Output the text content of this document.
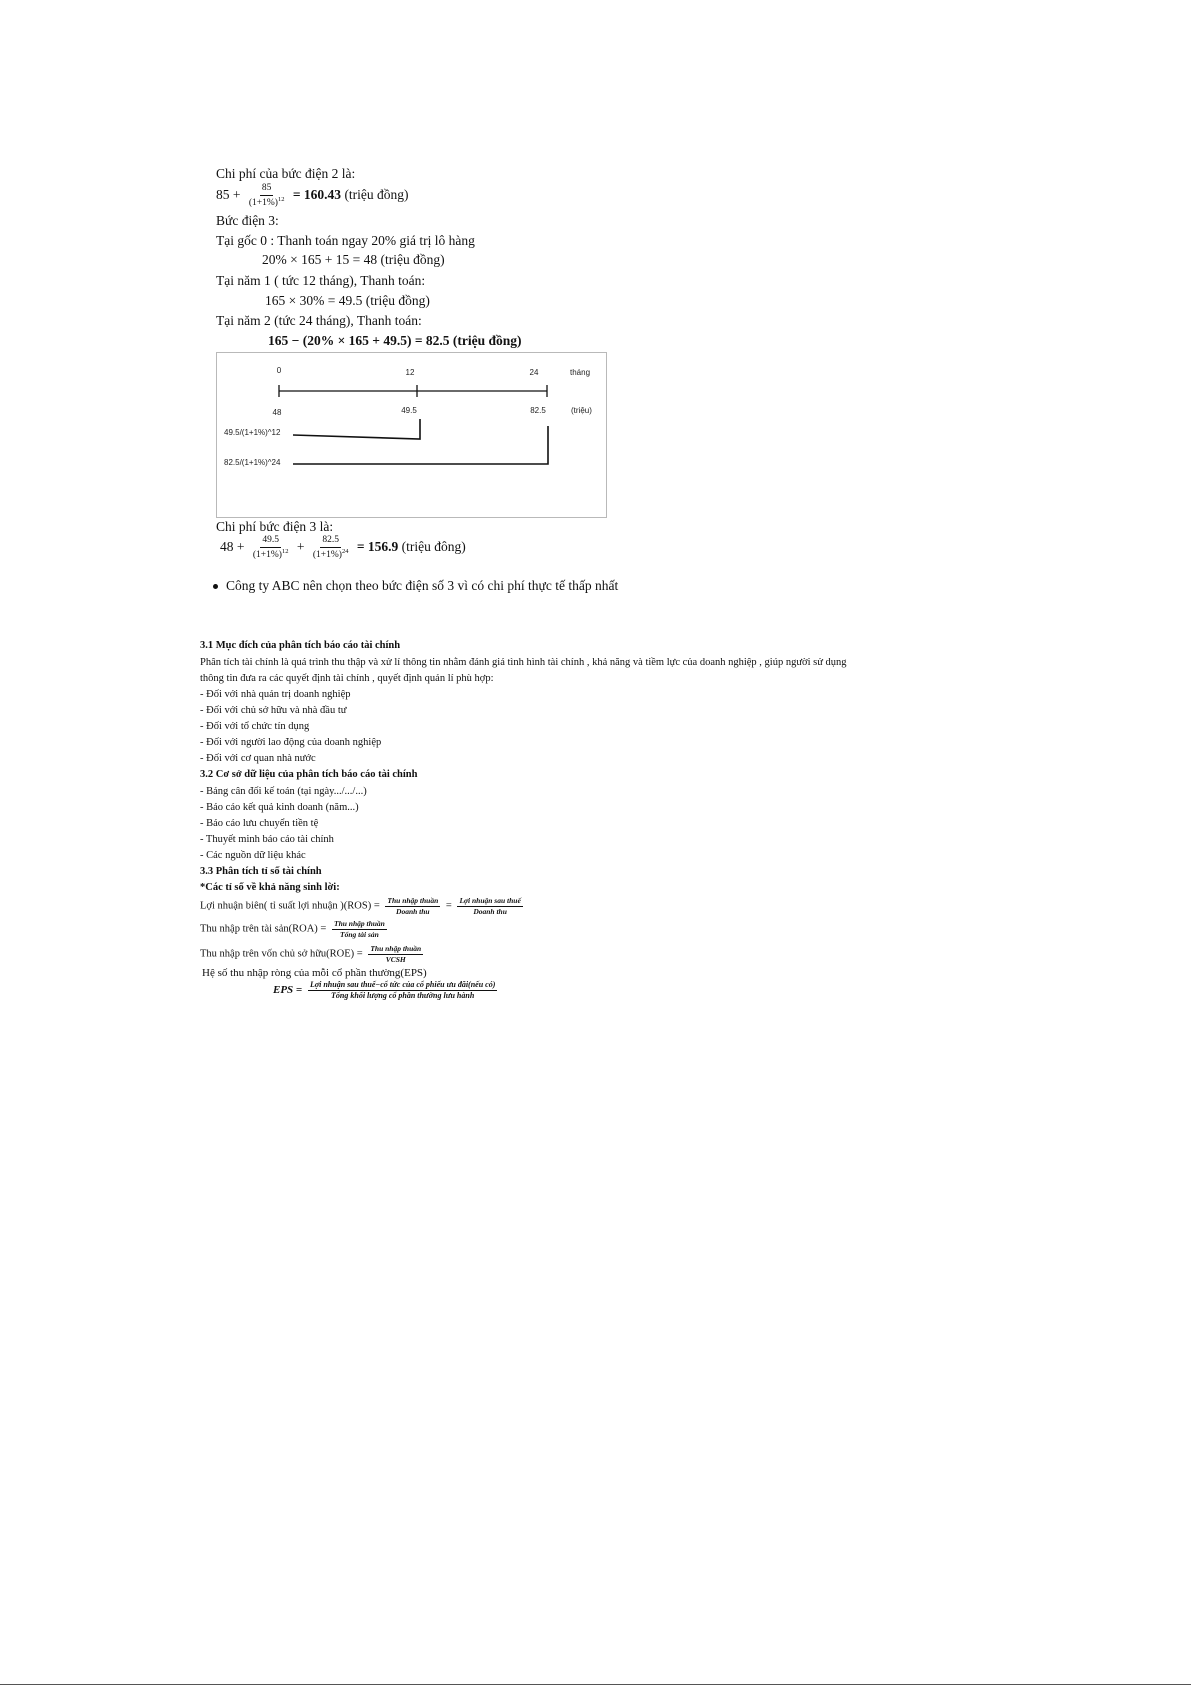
Chi phí của bức điện 2 là:
$85 + \frac{85}{(1+1\%)^{12}} = 160.43$ (triệu đồng)
Bức điện 3:
Tại gốc 0 : Thanh toán ngay 20% giá trị lô hàng
20% × 165 + 15 = 48 (triệu đồng)
Tại năm 1 ( tức 12 tháng), Thanh toán:
165 × 30% = 49.5 (triệu đồng)
Tại năm 2 (tức 24 tháng), Thanh toán:
165 − (20% × 165 + 49.5) = 82.5 (triệu đồng)
0	12	24	tháng
48	49.5	82.5	(triệu)
49.5/(1+1%)^12
82.5/(1+1%)^24
Chi phí bức điện 3 là:
$48 + \frac{49.5}{(1+1\%)^{12}} + \frac{82.5}{(1+1\%)^{24}} = 156.9$ (triệu đông)
Công ty ABC nên chọn theo bức điện số 3 vì có chi phí thực tế thấp nhất
3.1 Mục đích của phân tích báo cáo tài chính
Phân tích tài chính là quá trình thu thập và xử lí thông tin nhằm đánh giá tình hình tài chính , khả năng và tiềm lực của doanh nghiệp , giúp người sử dụng
thông tin đưa ra các quyết định tài chính , quyết định quản lí phù hợp:
- Đối với nhà quản trị doanh nghiệp
- Đối với chủ sở hữu và nhà đầu tư
- Đối với tổ chức tín dụng
- Đối với người lao động của doanh nghiệp
- Đối với cơ quan nhà nước
3.2 Cơ sở dữ liệu của phân tích báo cáo tài chính
- Bảng cân đối kế toán (tại ngày.../.../...)
- Báo cáo kết quả kinh doanh (năm...)
- Báo cáo lưu chuyển tiền tệ
- Thuyết minh báo cáo tài chính
- Các nguồn dữ liệu khác
3.3 Phân tích tỉ số tài chính
*Các tỉ số về khả năng sinh lời:
Lợi nhuận biên( tỉ suất lợi nhuận )$(ROS) = \frac{\text{Thu nhập thuần}}{\text{Doanh thu}} = \frac{\text{Lợi nhuận sau thuế}}{\text{Doanh thu}}$
Thu nhập trên tài sản(ROA) = $\frac{\text{Thu nhập thuần}}{\text{Tổng tài sản}}$
Thu nhập trên vốn chủ sở hữu(ROE) = $\frac{\text{Thu nhập thuần}}{\text{VCSH}}$
Hệ số thu nhập ròng của mỗi cổ phần thường(EPS)
EPS = $\frac{\text{Lợi nhuận sau thuế−cổ tức của cổ phiếu ưu đãi(nếu có)}}{\text{Tổng khối lượng cổ phần thường lưu hành}}$
